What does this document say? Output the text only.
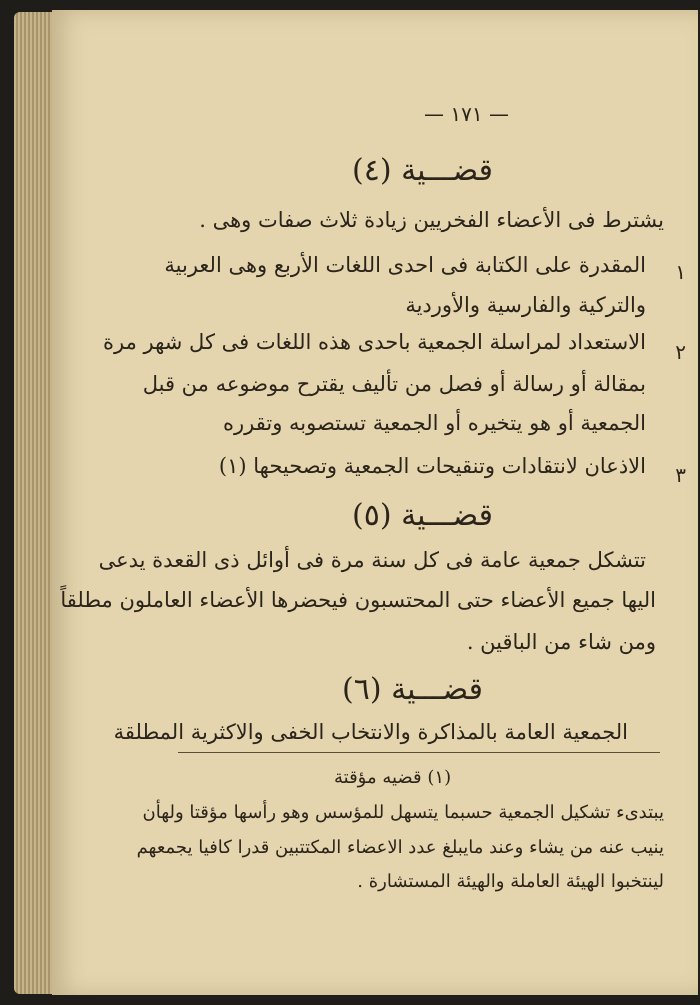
— ١٧١ —
قضـــية (٤)
يشترط فى الأعضاء الفخريين زيادة ثلاث صفات وهى .
١
المقدرة على الكتابة فى احدى اللغات الأربع وهى العربية
والتركية والفارسية والأوردية
٢
الاستعداد لمراسلة الجمعية باحدى هذه اللغات فى كل شهر مرة
بمقالة أو رسالة أو فصل من تأليف يقترح موضوعه من قبل
الجمعية أو هو يتخيره أو الجمعية تستصوبه وتقرره
٣
الاذعان لانتقادات وتنقيحات الجمعية وتصحيحها (١)
قضـــية (٥)
تتشكل جمعية عامة فى كل سنة مرة فى أوائل ذى القعدة يدعى
اليها جميع الأعضاء حتى المحتسبون فيحضرها الأعضاء العاملون مطلقاً
ومن شاء من الباقين .
قضـــية (٦)
الجمعية العامة بالمذاكرة والانتخاب الخفى والاكثرية المطلقة
(١) قضيه مؤقتة
يبتدىء تشكيل الجمعية حسبما يتسهل للمؤسس وهو رأسها مؤقتا ولهأن
ينيب عنه من يشاء وعند مايبلغ عدد الاعضاء المكتتبين قدرا كافيا يجمعهم
لينتخبوا الهيئة العاملة والهيئة المستشارة .
